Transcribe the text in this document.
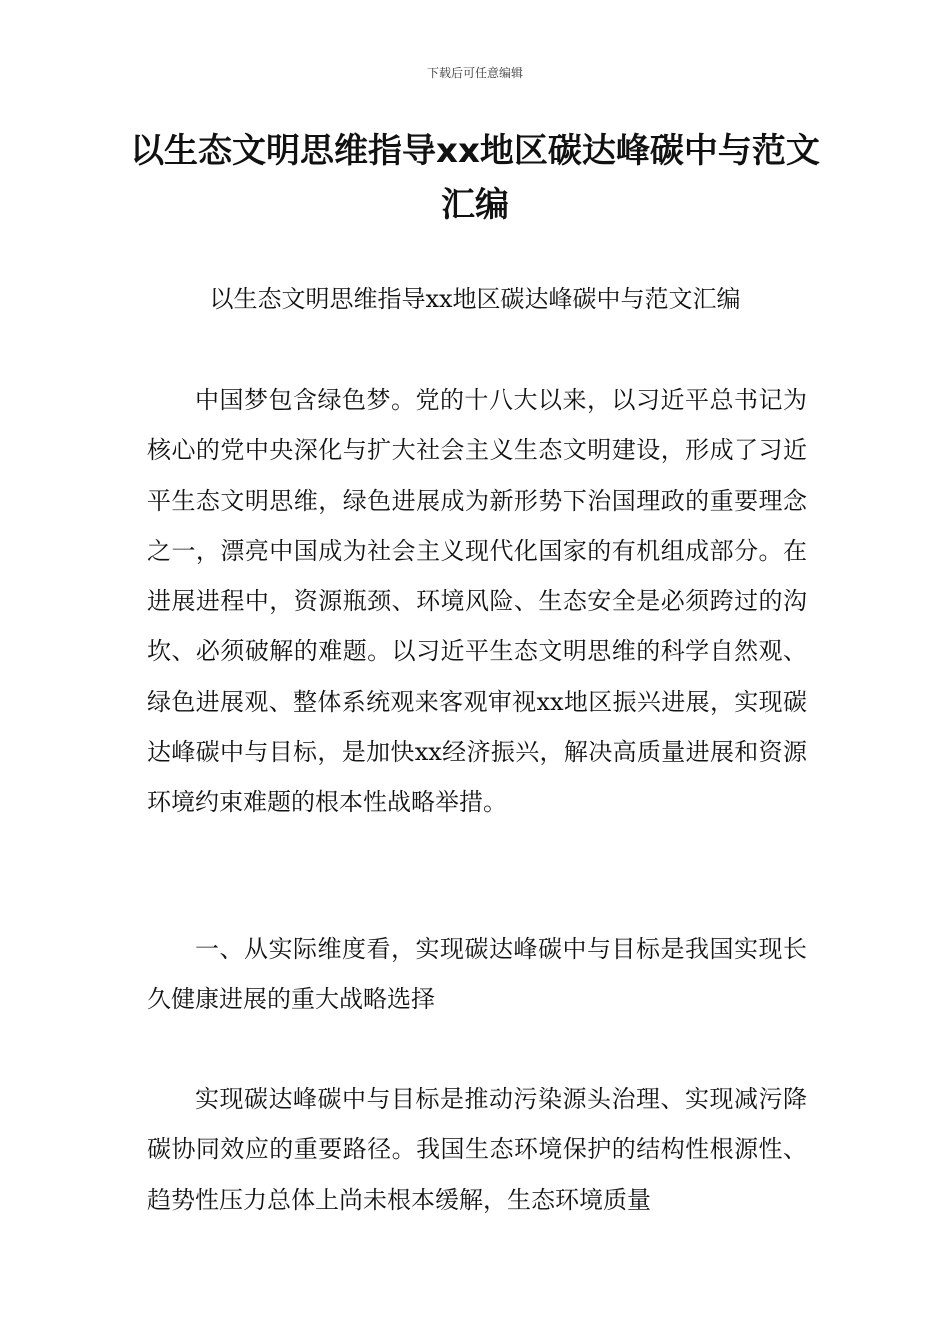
下载后可任意编辑
以生态文明思维指导xx地区碳达峰碳中与范文汇编
以生态文明思维指导xx地区碳达峰碳中与范文汇编

中国梦包含绿色梦。党的十八大以来，以习近平总书记为核心的党中央深化与扩大社会主义生态文明建设，形成了习近平生态文明思维，绿色进展成为新形势下治国理政的重要理念之一，漂亮中国成为社会主义现代化国家的有机组成部分。在进展进程中，资源瓶颈、环境风险、生态安全是必须跨过的沟坎、必须破解的难题。以习近平生态文明思维的科学自然观、绿色进展观、整体系统观来客观审视xx地区振兴进展，实现碳达峰碳中与目标，是加快xx经济振兴，解决高质量进展和资源环境约束难题的根本性战略举措。

一、从实际维度看，实现碳达峰碳中与目标是我国实现长久健康进展的重大战略选择

实现碳达峰碳中与目标是推动污染源头治理、实现减污降碳协同效应的重要路径。我国生态环境保护的结构性根源性、趋势性压力总体上尚未根本缓解，生态环境质量
